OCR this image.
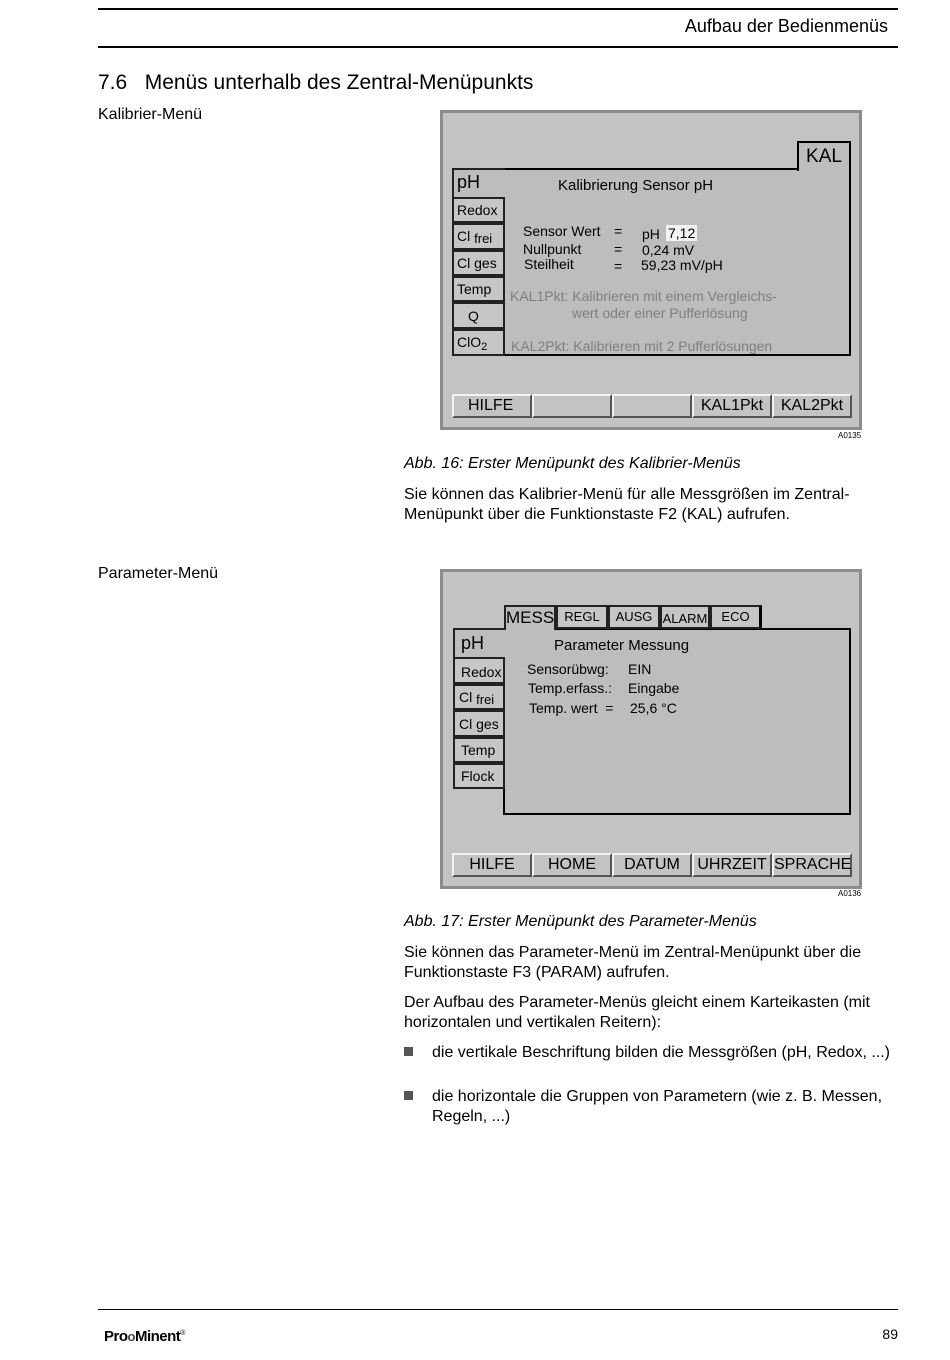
Aufbau der Bedienmenüs
7.6   Menüs unterhalb des Zentral-Menüpunkts
Kalibrier-Menü
KAL
pH
Redox
Cl frei
Cl ges
Temp
Q
ClO$_2$
Kalibrierung Sensor pH
Sensor Wert = pH 7,12
Nullpunkt = 0,24 mV
Steilheit	= 59,23 mV/pH
KAL1Pkt: Kalibrieren mit einem Vergleichs-
wert oder einer Pufferlösung
KAL2Pkt: Kalibrieren mit 2 Pufferlösungen
HILFE	KAL1Pkt	KAL2Pkt
A0135
Abb. 16: Erster Menüpunkt des Kalibrier-Menüs
Sie können das Kalibrier-Menü für alle Messgrößen im Zentral-Menüpunkt über die Funktionstaste F2 (KAL) aufrufen.
Parameter-Menü
MESS REGL	AUSG ALARM	ECO
pH
Redox
Cl frei
Cl ges
Temp
Flock
Parameter Messung
Sensorübwg: EIN
Temp.erfass.: Eingabe
Temp. wert  = 25,6 °C
HILFE	HOME	DATUM	UHRZEIT SPRACHE
A0136
Abb. 17: Erster Menüpunkt des Parameter-Menüs
Sie können das Parameter-Menü im Zentral-Menüpunkt über die Funktionstaste F3 (PARAM) aufrufen.
Der Aufbau des Parameter-Menüs gleicht einem Karteikasten (mit horizontalen und vertikalen Reitern):
die vertikale Beschriftung bilden die Messgrößen (pH, Redox, ...)
die horizontale die Gruppen von Parametern (wie z. B. Messen, Regeln, ...)
ProoMinent®	89
